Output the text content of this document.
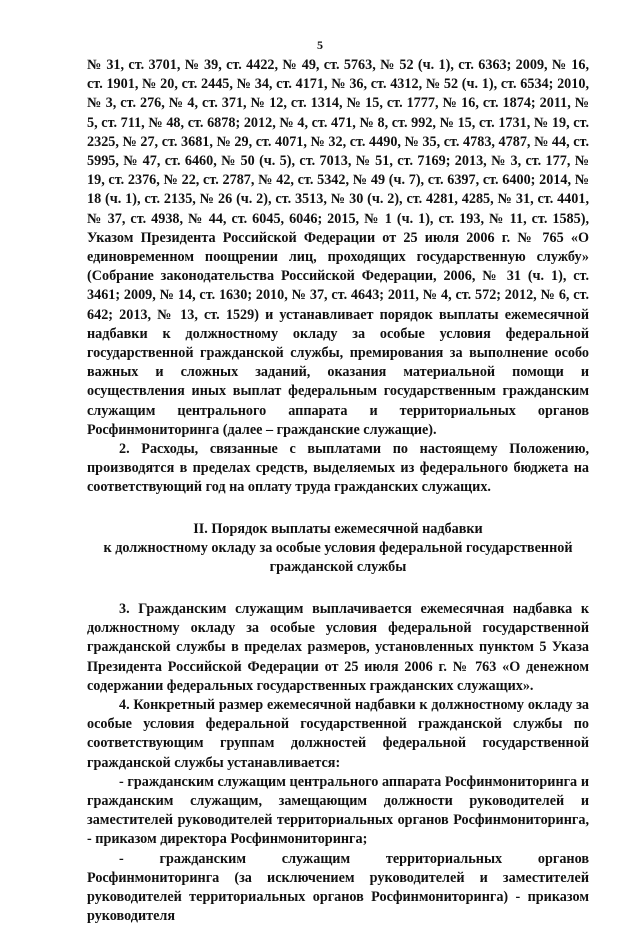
5

№ 31, ст. 3701, № 39, ст. 4422, № 49, ст. 5763, № 52 (ч. 1), ст. 6363; 2009, № 16, ст. 1901, № 20, ст. 2445, № 34, ст. 4171, № 36, ст. 4312, № 52 (ч. 1), ст. 6534; 2010, № 3, ст. 276, № 4, ст. 371, № 12, ст. 1314, № 15, ст. 1777, № 16, ст. 1874; 2011, № 5, ст. 711, № 48, ст. 6878; 2012, № 4, ст. 471, № 8, ст. 992, № 15, ст. 1731, № 19, ст. 2325, № 27, ст. 3681, № 29, ст. 4071, № 32, ст. 4490, № 35, ст. 4783, 4787, № 44, ст. 5995, № 47, ст. 6460, № 50 (ч. 5), ст. 7013, № 51, ст. 7169; 2013, № 3, ст. 177, № 19, ст. 2376, № 22, ст. 2787, № 42, ст. 5342, № 49 (ч. 7), ст. 6397, ст. 6400; 2014, № 18 (ч. 1), ст. 2135, № 26 (ч. 2), ст. 3513, № 30 (ч. 2), ст. 4281, 4285, № 31, ст. 4401, № 37, ст. 4938, № 44, ст. 6045, 6046; 2015, № 1 (ч. 1), ст. 193, № 11, ст. 1585), Указом Президента Российской Федерации от 25 июля 2006 г. № 765 «О единовременном поощрении лиц, проходящих государственную службу» (Собрание законодательства Российской Федерации, 2006, № 31 (ч. 1), ст. 3461; 2009, № 14, ст. 1630; 2010, № 37, ст. 4643; 2011, № 4, ст. 572; 2012, № 6, ст. 642; 2013, № 13, ст. 1529) и устанавливает порядок выплаты ежемесячной надбавки к должностному окладу за особые условия федеральной государственной гражданской службы, премирования за выполнение особо важных и сложных заданий, оказания материальной помощи и осуществления иных выплат федеральным государственным гражданским служащим центрального аппарата и территориальных органов Росфинмониторинга (далее – гражданские служащие).

2. Расходы, связанные с выплатами по настоящему Положению, производятся в пределах средств, выделяемых из федерального бюджета на соответствующий год на оплату труда гражданских служащих.

II. Порядок выплаты ежемесячной надбавки
к должностному окладу за особые условия федеральной государственной
гражданской службы

3. Гражданским служащим выплачивается ежемесячная надбавка к должностному окладу за особые условия федеральной государственной гражданской службы в пределах размеров, установленных пунктом 5 Указа Президента Российской Федерации от 25 июля 2006 г. № 763 «О денежном содержании федеральных государственных гражданских служащих».

4. Конкретный размер ежемесячной надбавки к должностному окладу за особые условия федеральной государственной гражданской службы по соответствующим группам должностей федеральной государственной гражданской службы устанавливается:

- гражданским служащим центрального аппарата Росфинмониторинга и гражданским служащим, замещающим должности руководителей и заместителей руководителей территориальных органов Росфинмониторинга, - приказом директора Росфинмониторинга;

- гражданским служащим территориальных органов Росфинмониторинга (за исключением руководителей и заместителей руководителей территориальных органов Росфинмониторинга) - приказом руководителя
